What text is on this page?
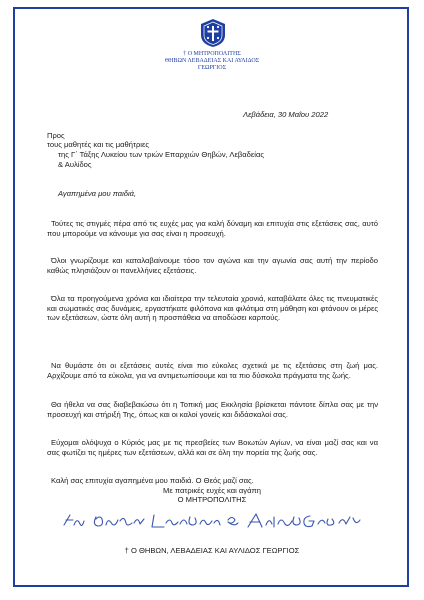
† Ο ΜΗΤΡΟΠΟΛΙΤΗΣ
ΘΗΒΩΝ ΛΕΒΑΔΕΙΑΣ ΚΑΙ ΑΥΛΙΔΟΣ
ΓΕΩΡΓΙΟΣ
Λεβάδεια, 30 Μαΐου 2022
Προς
τους μαθητές και τις μαθήτριες
της Γ΄ Τάξης Λυκείου των τριών Επαρχιών Θηβών, Λεβαδείας
& Αυλίδος
Αγαπημένα μου παιδιά,

Τούτες τις στιγμές πέρα από τις ευχές μας για καλή δύναμη και επιτυχία στις εξετάσεις σας, αυτό που μπορούμε να κάνουμε για σας είναι η προσευχή.

Όλοι γνωρίζουμε και καταλαβαίνουμε τόσο τον αγώνα και την αγωνία σας αυτή την περίοδο καθώς πλησιάζουν οι πανελλήνιες εξετάσεις.

Όλα τα προηγούμενα χρόνια και ιδιαίτερα την τελευταία χρονιά, καταβάλατε όλες τις πνευματικές και σωματικές σας δυνάμεις, εργαστήκατε φιλόπονα και φιλότιμα στη μάθηση και φτάνουν οι μέρες των εξετάσεων, ώστε όλη αυτή η προσπάθεια να αποδώσει καρπούς.

Να θυμάστε ότι οι εξετάσεις αυτές είναι πιο εύκολες σχετικά με τις εξετάσεις στη ζωή μας. Αρχίζουμε από τα εύκολα, για να αντιμετωπίσουμε και τα πιο δύσκολα πράγματα της ζωής.

Θα ήθελα να σας διαβεβαιώσω ότι η Τοπική μας Εκκλησία βρίσκεται πάντοτε δίπλα σας με την προσευχή και στήριξή Της, όπως και οι καλοί γονείς και διδάσκαλοί σας.

Εύχομαι ολόψυχα ο Κύριός μας με τις πρεσβείες των Βοιωτών Αγίων, να είναι μαζί σας και να σας φωτίζει τις ημέρες των εξετάσεων, αλλά και σε όλη την πορεία της ζωής σας.

Καλή σας επιτυχία αγαπημένα μου παιδιά. Ο Θεός μαζί σας.

Με πατρικές ευχές και αγάπη
Ο ΜΗΤΡΟΠΟΛΙΤΗΣ
† Ο ΘΗΒΩΝ, ΛΕΒΑΔΕΙΑΣ ΚΑΙ ΑΥΛΙΔΟΣ ΓΕΩΡΓΙΟΣ
